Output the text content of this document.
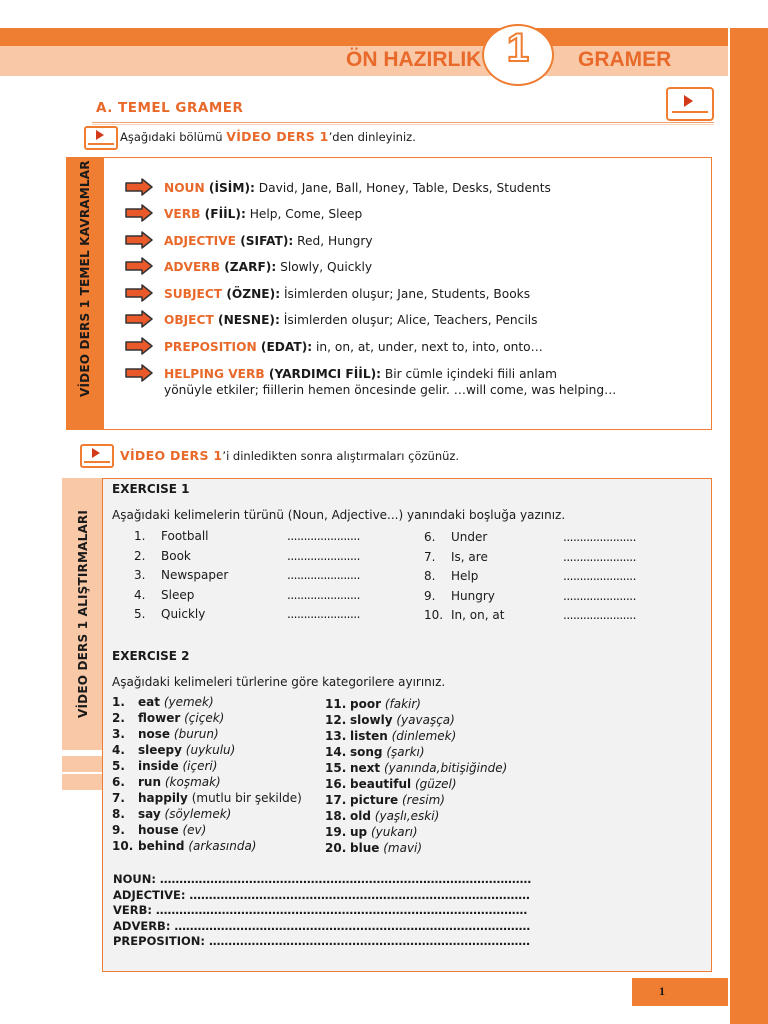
ÖN HAZIRLIK 1	GRAMER
A. TEMEL GRAMER
Aşağıdaki bölümü VİDEO DERS 1’den dinleyiniz.
VİDEO DERS 1 TEMEL KAVRAMLAR	NOUN (İSİM): David, Jane, Ball, Honey, Table, Desks, Students
VERB (FİİL): Help, Come, Sleep
ADJECTIVE (SIFAT): Red, Hungry
ADVERB (ZARF): Slowly, Quickly
SUBJECT (ÖZNE): İsimlerden oluşur; Jane, Students, Books
OBJECT (NESNE): İsimlerden oluşur; Alice, Teachers, Pencils
PREPOSITION (EDAT): in, on, at, under, next to, into, onto…
HELPING VERB (YARDIMCI FİİL): Bir cümle içindeki fiili anlam
yönüyle etkiler; fiillerin hemen öncesinde gelir. …will come, was helping…
VİDEO DERS 1’i dinledikten sonra alıştırmaları çözünüz.
VİDEO DERS 1 ALIŞTIRMALARI
EXERCISE 1
Aşağıdaki kelimelerin türünü (Noun, Adjective...) yanındaki boşluğa yazınız.
1. Football	......................
2. Book	......................
3. Newspaper	......................
4. Sleep	......................
5. Quickly	......................
6. Under	......................
7. Is, are	......................
8. Help	......................
9. Hungry	......................
10. In, on, at	......................
EXERCISE 2
Aşağıdaki kelimeleri türlerine göre kategorilere ayırınız.
1. eat (yemek)
2. flower (çiçek)
3. nose (burun)
4. sleepy (uykulu)
5. inside (içeri)
6. run (koşmak)
7. happily (mutlu bir şekilde)
8. say (söylemek)
9. house (ev)
10. behind (arkasında)
11. poor (fakir)
12. slowly (yavaşça)
13. listen (dinlemek)
14. song (şarkı)
15. next (yanında,bitişiğinde)
16. beautiful (güzel)
17. picture (resim)
18. old (yaşlı,eski)
19. up (yukarı)
20. blue (mavi)
NOUN: ................................................................................................
ADJECTIVE: ........................................................................................
VERB: ................................................................................................
ADVERB: ............................................................................................
PREPOSITION: ...................................................................................
1
